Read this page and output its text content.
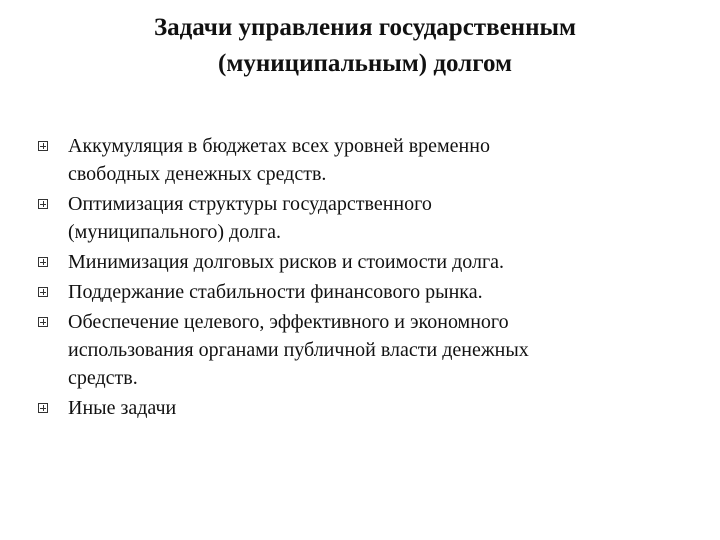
Задачи управления государственным
(муниципальным) долгом
Аккумуляция в бюджетах всех уровней временно
свободных денежных средств.
Оптимизация структуры государственного
(муниципального) долга.
Минимизация долговых рисков и стоимости долга.
Поддержание стабильности финансового рынка.
Обеспечение целевого, эффективного и экономного
использования органами публичной власти денежных
средств.
Иные задачи
